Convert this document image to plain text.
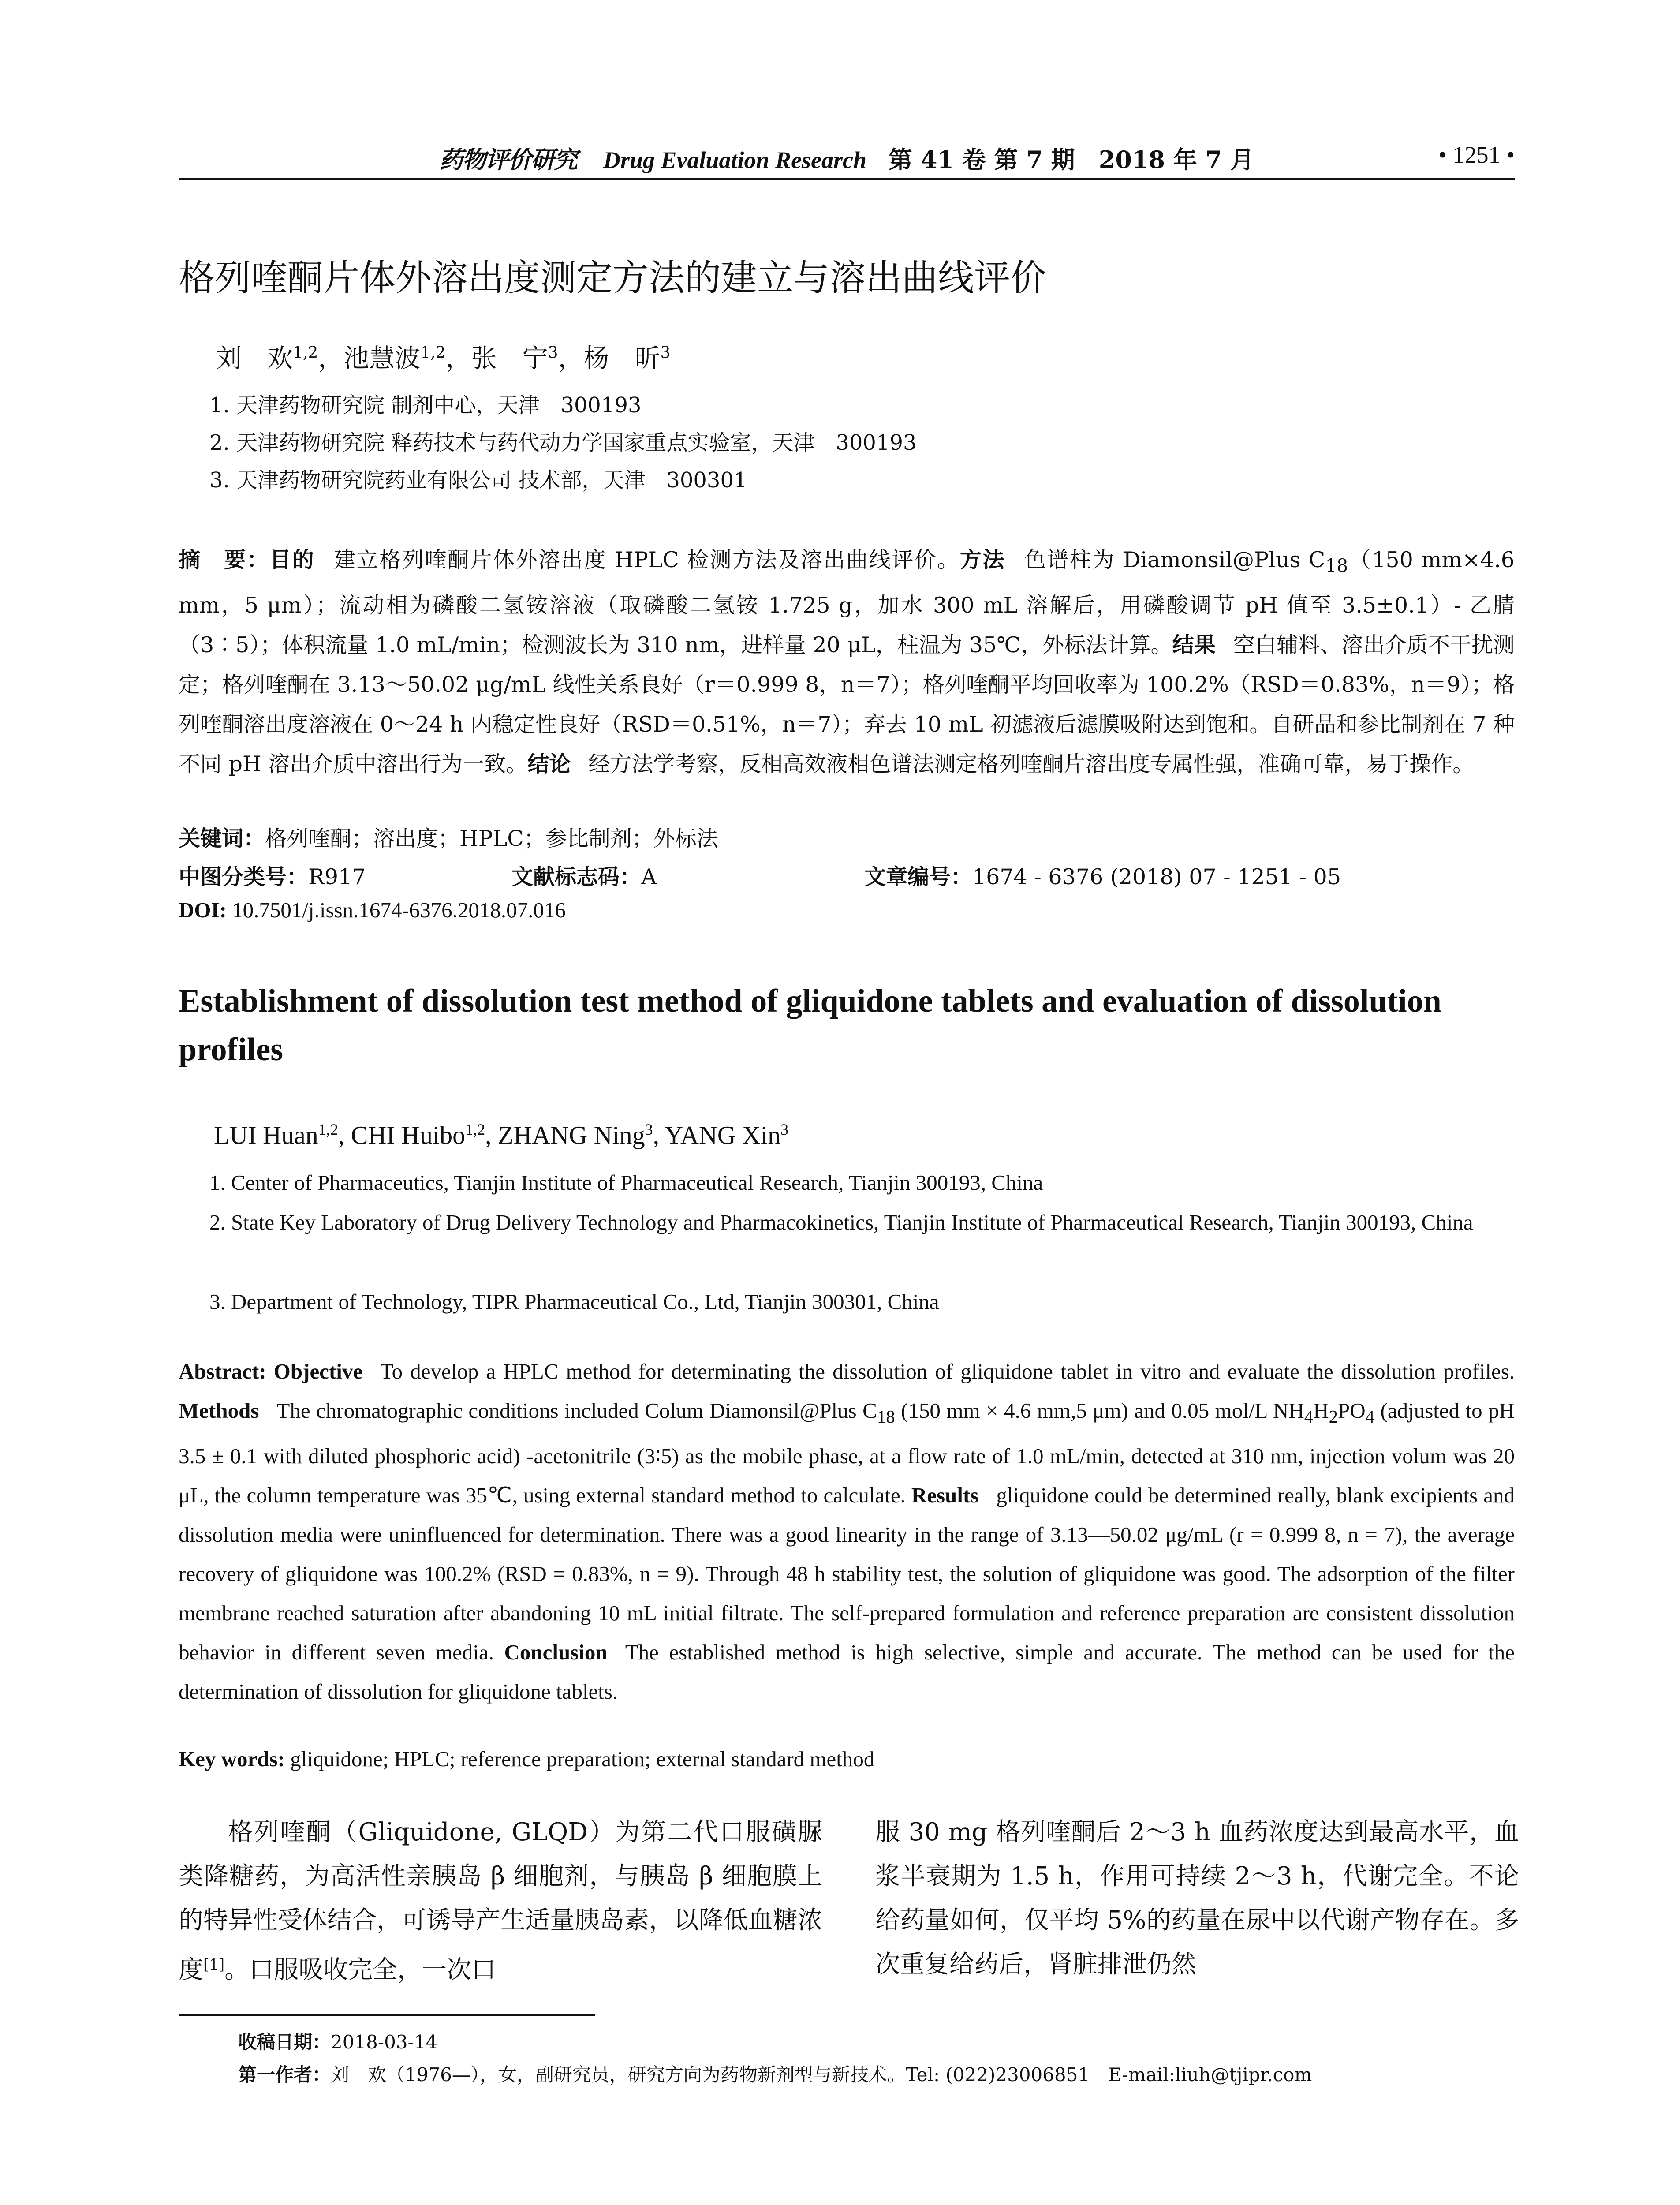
药物评价研究 Drug Evaluation Research 第 41 卷 第 7 期　2018 年 7 月	• 1251 •
格列喹酮片体外溶出度测定方法的建立与溶出曲线评价
刘　欢$^{1,2}$，池慧波$^{1,2}$，张　宁$^3$，杨　昕$^3$
1. 天津药物研究院 制剂中心，天津　300193
2. 天津药物研究院 释药技术与药代动力学国家重点实验室，天津　300193
3. 天津药物研究院药业有限公司 技术部，天津　300301
摘　要：目的 建立格列喹酮片体外溶出度 HPLC 检测方法及溶出曲线评价。方法 色谱柱为 Diamonsil@Plus $C_{18}(150$ mm×4.6 mm，5 μm）；流动相为磷酸二氢铵溶液（取磷酸二氢铵 1.725 g，加水 300 mL 溶解后，用磷酸调节 pH 值至 3.5±0.1）- 乙腈（3∶5）；体积流量 1.0 mL/min；检测波长为 310 nm，进样量 20 μL，柱温为 35℃，外标法计算。结果 空白辅料、溶出介质不干扰测定；格列喹酮在 3.13～50.02 μg/mL 线性关系良好（r＝0.999 8，n＝7）；格列喹酮平均回收率为 100.2%（RSD＝0.83%，n＝9）；格列喹酮溶出度溶液在 0～24 h 内稳定性良好（RSD＝0.51%，n＝7）；弃去 10 mL 初滤液后滤膜吸附达到饱和。自研品和参比制剂在 7 种不同 pH 溶出介质中溶出行为一致。结论 经方法学考察，反相高效液相色谱法测定格列喹酮片溶出度专属性强，准确可靠，易于操作。
关键词：格列喹酮；溶出度；HPLC；参比制剂；外标法
中图分类号：R917	文献标志码：A	文章编号：1674 - 6376 (2018) 07 - 1251 - 05
DOI: 10.7501/j.issn.1674-6376.2018.07.016
Establishment of dissolution test method of gliquidone tablets and evaluation of dissolution profiles
LUI Huan$^{1,2}$, CHI Huibo$^{1,2}$, ZHANG Ning$^3$, YANG Xin$^3$
1. Center of Pharmaceutics, Tianjin Institute of Pharmaceutical Research, Tianjin 300193, China
2. State Key Laboratory of Drug Delivery Technology and Pharmacokinetics, Tianjin Institute of Pharmaceutical Research, Tianjin 300193, China
3. Department of Technology, TIPR Pharmaceutical Co., Ltd, Tianjin 300301, China
Abstract: Objective To develop a HPLC method for determinating the dissolution of gliquidone tablet in vitro and evaluate the dissolution profiles. Methods The chromatographic conditions included Colum Diamonsil@Plus $C_{18}$ (150 mm × 4.6 mm,5 μm) and 0.05 mol/L $NH_4H_2PO_4$ (adjusted to pH 3.5 ± 0.1 with diluted phosphoric acid) -acetonitrile (3∶5) as the mobile phase, at a flow rate of 1.0 mL/min, detected at 310 nm, injection volum was 20 μL, the column temperature was 35℃, using external standard method to calculate. Results gliquidone could be determined really, blank excipients and dissolution media were uninfluenced for determination. There was a good linearity in the range of 3.13—50.02 μg/mL (r = 0.999 8, n = 7), the average recovery of gliquidone was 100.2% (RSD = 0.83%, n = 9). Through 48 h stability test, the solution of gliquidone was good. The adsorption of the filter membrane reached saturation after abandoning 10 mL initial filtrate. The self-prepared formulation and reference preparation are consistent dissolution behavior in different seven media. Conclusion The established method is high selective, simple and accurate. The method can be used for the determination of dissolution for gliquidone tablets.
Key words: gliquidone; HPLC; reference preparation; external standard method
格列喹酮（Gliquidone, GLQD）为第二代口服磺脲类降糖药，为高活性亲胰岛 β 细胞剂，与胰岛 β 细胞膜上的特异性受体结合，可诱导产生适量胰岛素，以降低血糖浓度[1]。口服吸收完全，一次口
服 30 mg 格列喹酮后 2～3 h 血药浓度达到最高水平，血浆半衰期为 1.5 h，作用可持续 2～3 h，代谢完全。不论给药量如何，仅平均 5%的药量在尿中以代谢产物存在。多次重复给药后，肾脏排泄仍然
收稿日期：2018-03-14
第一作者：刘　欢（1976—），女，副研究员，研究方向为药物新剂型与新技术。Tel: (022)23006851　E-mail:liuh@tjipr.com
